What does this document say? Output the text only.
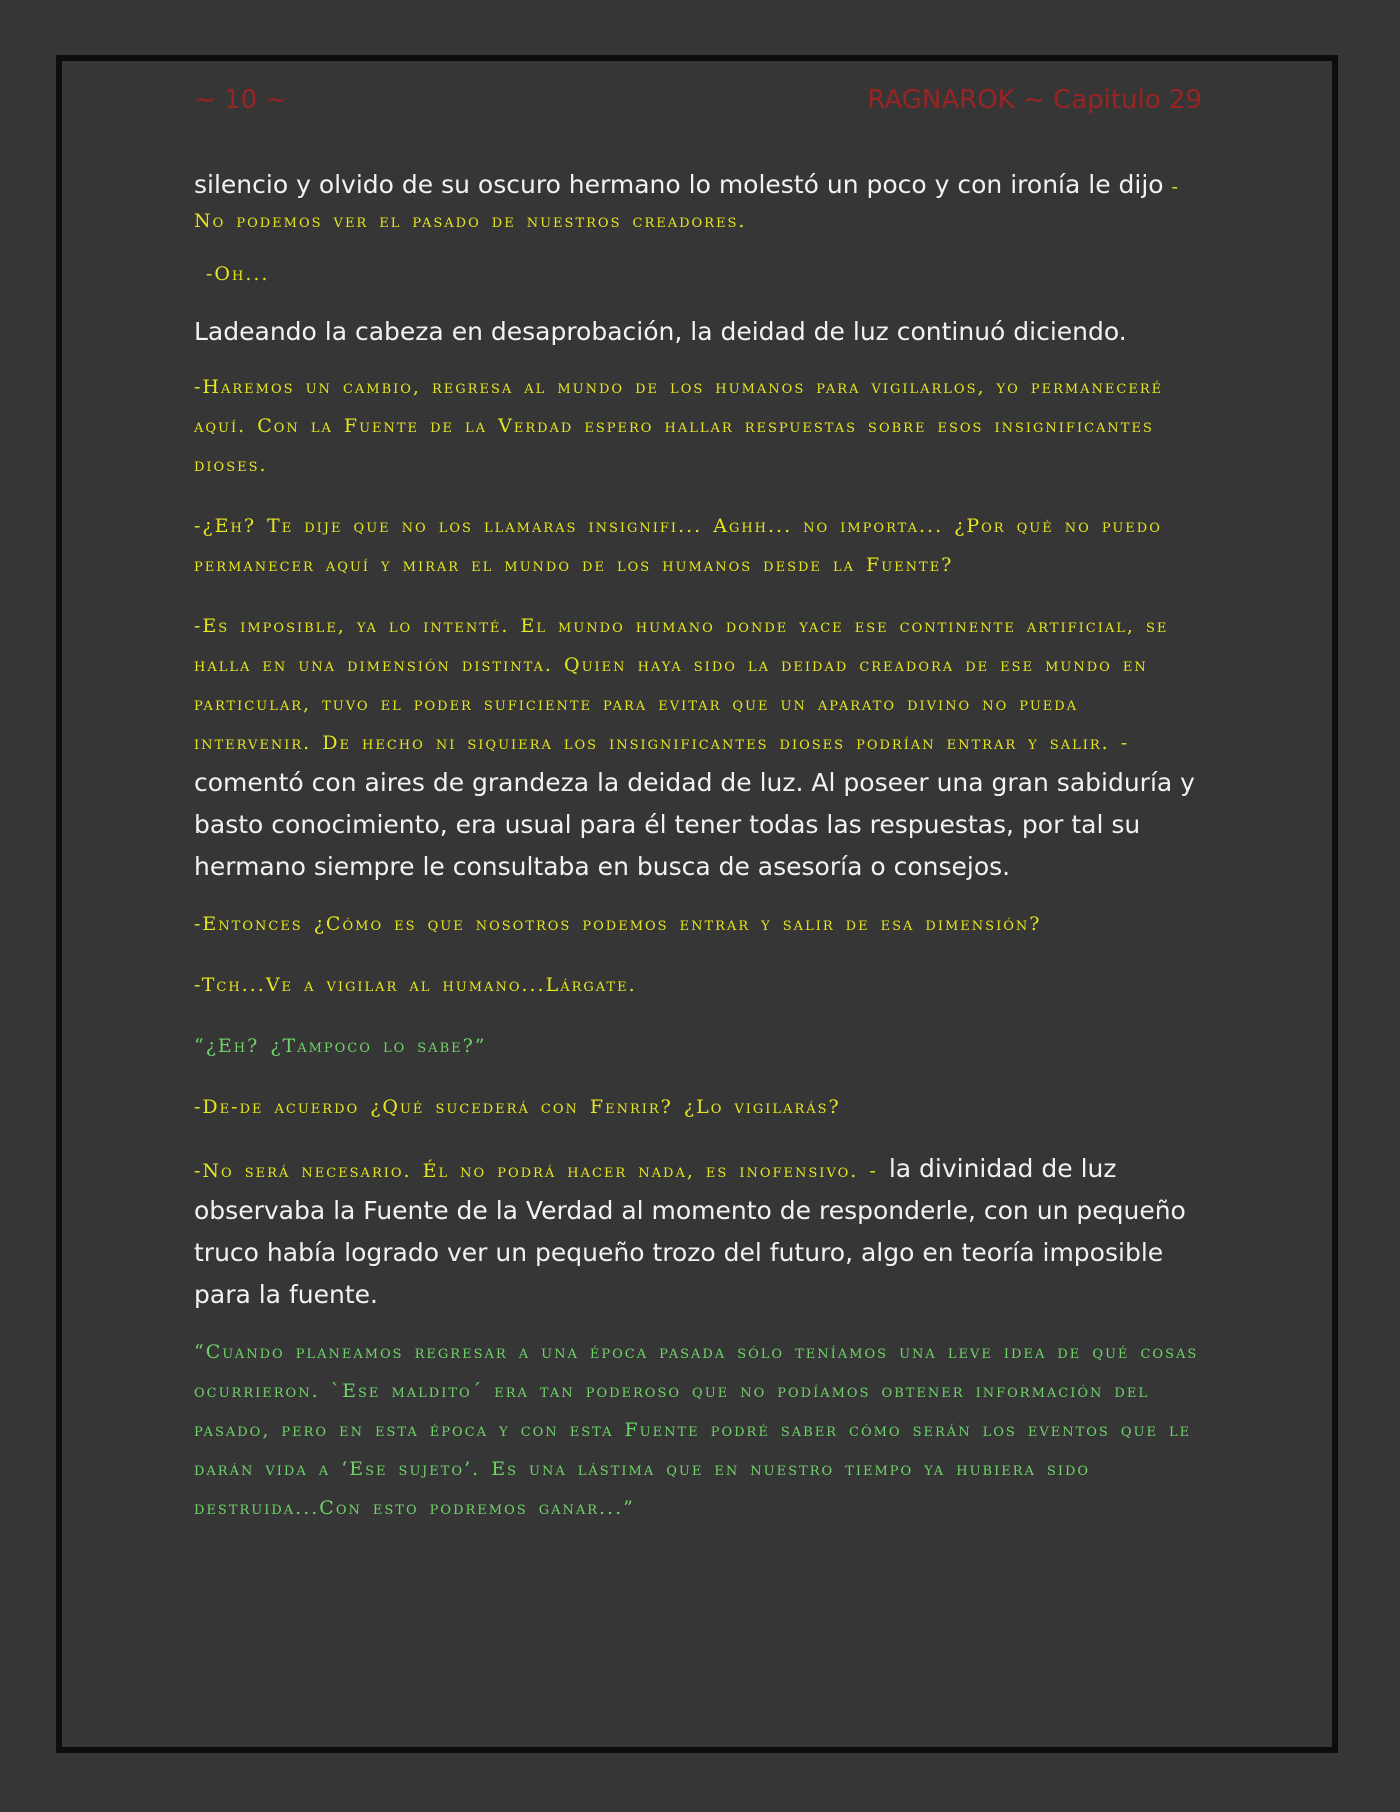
~ 10 ~	RAGNAROK ~ Capitulo 29

silencio y olvido de su oscuro hermano lo molestó un poco y con ironía le dijo -

No podemos ver el pasado de nuestros creadores.

-Oh...

Ladeando la cabeza en desaprobación, la deidad de luz continuó diciendo.

-Haremos un cambio, regresa al mundo de los humanos para vigilarlos, yo permaneceré aquí. Con la Fuente de la Verdad espero hallar respuestas sobre esos insignificantes dioses.

-¿Eh? Te dije que no los llamaras insignifi... Aghh... no importa... ¿Por qué no puedo permanecer aquí y mirar el mundo de los humanos desde la Fuente?

-Es imposible, ya lo intenté. El mundo humano donde yace ese continente artificial, se halla en una dimensión distinta. Quien haya sido la deidad creadora de ese mundo en particular, tuvo el poder suficiente para evitar que un aparato divino no pueda intervenir. De hecho ni siquiera los insignificantes dioses podrían entrar y salir. - comentó con aires de grandeza la deidad de luz. Al poseer una gran sabiduría y basto conocimiento, era usual para él tener todas las respuestas, por tal su hermano siempre le consultaba en busca de asesoría o consejos.

-Entonces ¿Cómo es que nosotros podemos entrar y salir de esa dimensión?

-Tch...Ve a vigilar al humano...Lárgate.

“¿Eh? ¿Tampoco lo sabe?”

-De-de acuerdo ¿Qué sucederá con Fenrir? ¿Lo vigilarás?

-No será necesario. Él no podrá hacer nada, es inofensivo. - la divinidad de luz observaba la Fuente de la Verdad al momento de responderle, con un pequeño truco había logrado ver un pequeño trozo del futuro, algo en teoría imposible para la fuente.

“Cuando planeamos regresar a una época pasada sólo teníamos una leve idea de qué cosas ocurrieron. `Ese maldito´ era tan poderoso que no podíamos obtener información del pasado, pero en esta época y con esta Fuente podré saber cómo serán los eventos que le darán vida a ‘Ese sujeto’. Es una lástima que en nuestro tiempo ya hubiera sido destruida...Con esto podremos ganar...”
